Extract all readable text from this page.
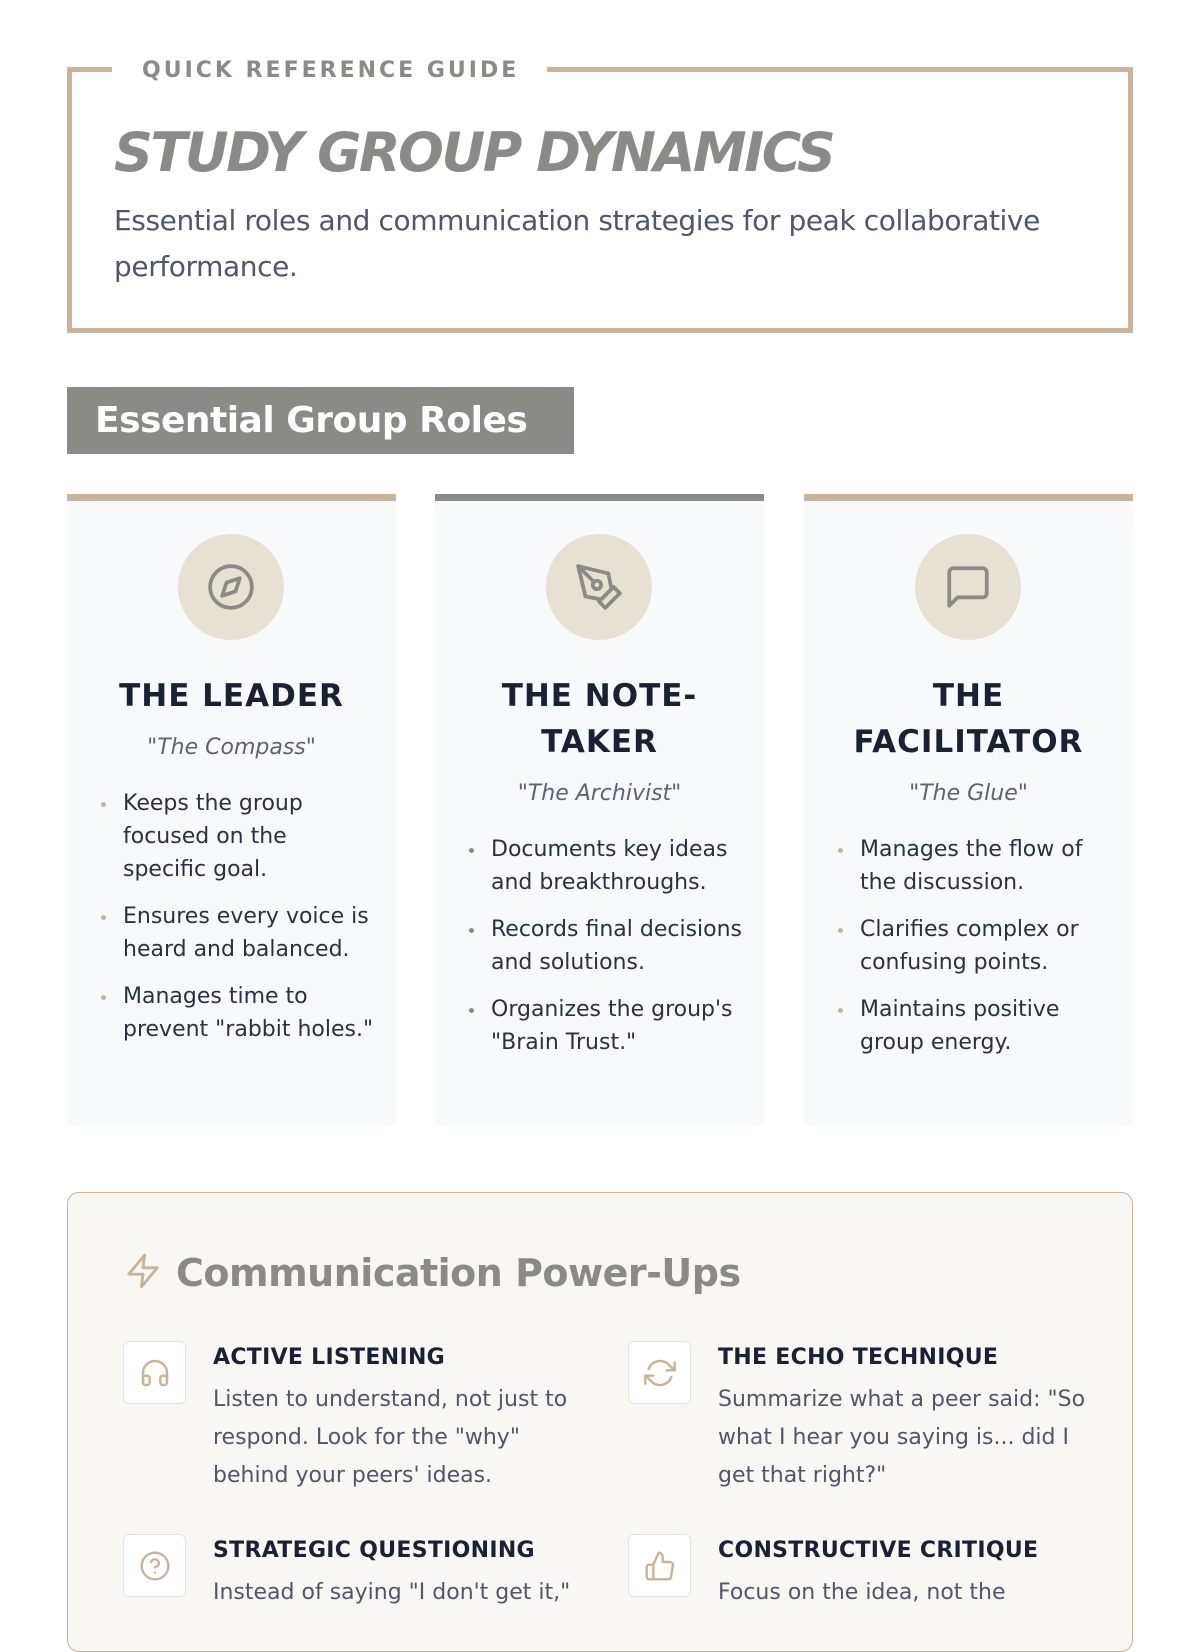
QUICK REFERENCE GUIDE
STUDY GROUP DYNAMICS
Essential roles and communication strategies for peak collaborative performance.
Essential Group Roles
THE LEADER
"The Compass"
Keeps the group focused on the specific goal.
Ensures every voice is heard and balanced.
Manages time to prevent "rabbit holes."
THE NOTE-TAKER
"The Archivist"
Documents key ideas and breakthroughs.
Records final decisions and solutions.
Organizes the group's "Brain Trust."
THE FACILITATOR
"The Glue"
Manages the flow of the discussion.
Clarifies complex or confusing points.
Maintains positive group energy.
Communication Power-Ups
ACTIVE LISTENING
Listen to understand, not just to respond. Look for the "why" behind your peers' ideas.
THE ECHO TECHNIQUE
Summarize what a peer said: "So what I hear you saying is... did I get that right?"
STRATEGIC QUESTIONING
Instead of saying "I don't get it,"
CONSTRUCTIVE CRITIQUE
Focus on the idea, not the
